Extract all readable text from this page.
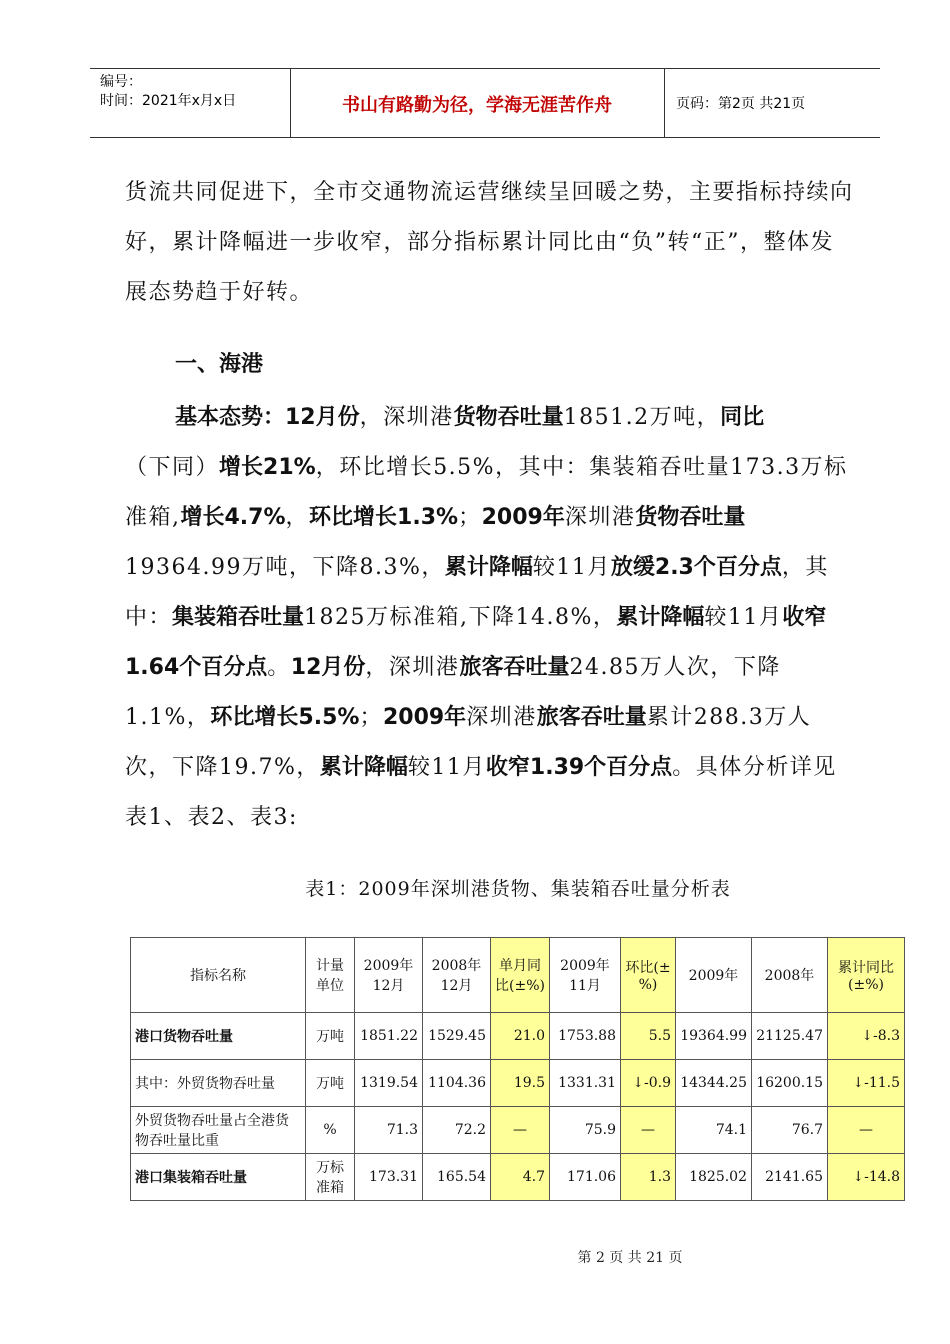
编号：
时间：2021年x月x日	书山有路勤为径，学海无涯苦作舟	页码：第2页 共21页

货流共同促进下，全市交通物流运营继续呈回暖之势，主要指标持续向好，累计降幅进一步收窄，部分指标累计同比由“负”转“正”，整体发展态势趋于好转。

一、海港

基本态势：12月份，深圳港货物吞吐量1851.2万吨，同比（下同）增长21%，环比增长5.5%，其中：集装箱吞吐量173.3万标准箱,增长4.7%，环比增长1.3%；2009年深圳港货物吞吐量19364.99万吨，下降8.3%，累计降幅较11月放缓2.3个百分点，其中：集装箱吞吐量1825万标准箱,下降14.8%，累计降幅较11月收窄1.64个百分点。12月份，深圳港旅客吞吐量24.85万人次，下降1.1%，环比增长5.5%；2009年深圳港旅客吞吐量累计288.3万人次，下降19.7%，累计降幅较11月收窄1.39个百分点。具体分析详见表1、表2、表3:

表1：2009年深圳港货物、集装箱吞吐量分析表

指标名称	计量单位	2009年12月	2008年12月	单月同比(±%)	2009年11月	环比(±%)	2009年	2008年	累计同比(±%)
港口货物吞吐量	万吨	1851.22	1529.45	21.0	1753.88	5.5	19364.99	21125.47	↓-8.3
其中：外贸货物吞吐量	万吨	1319.54	1104.36	19.5	1331.31	↓-0.9	14344.25	16200.15	↓-11.5
外贸货物吞吐量占全港货物吞吐量比重	%	71.3	72.2	—	75.9	—	74.1	76.7	—
港口集装箱吞吐量	万标准箱	173.31	165.54	4.7	171.06	1.3	1825.02	2141.65	↓-14.8

第 2 页 共 21 页
